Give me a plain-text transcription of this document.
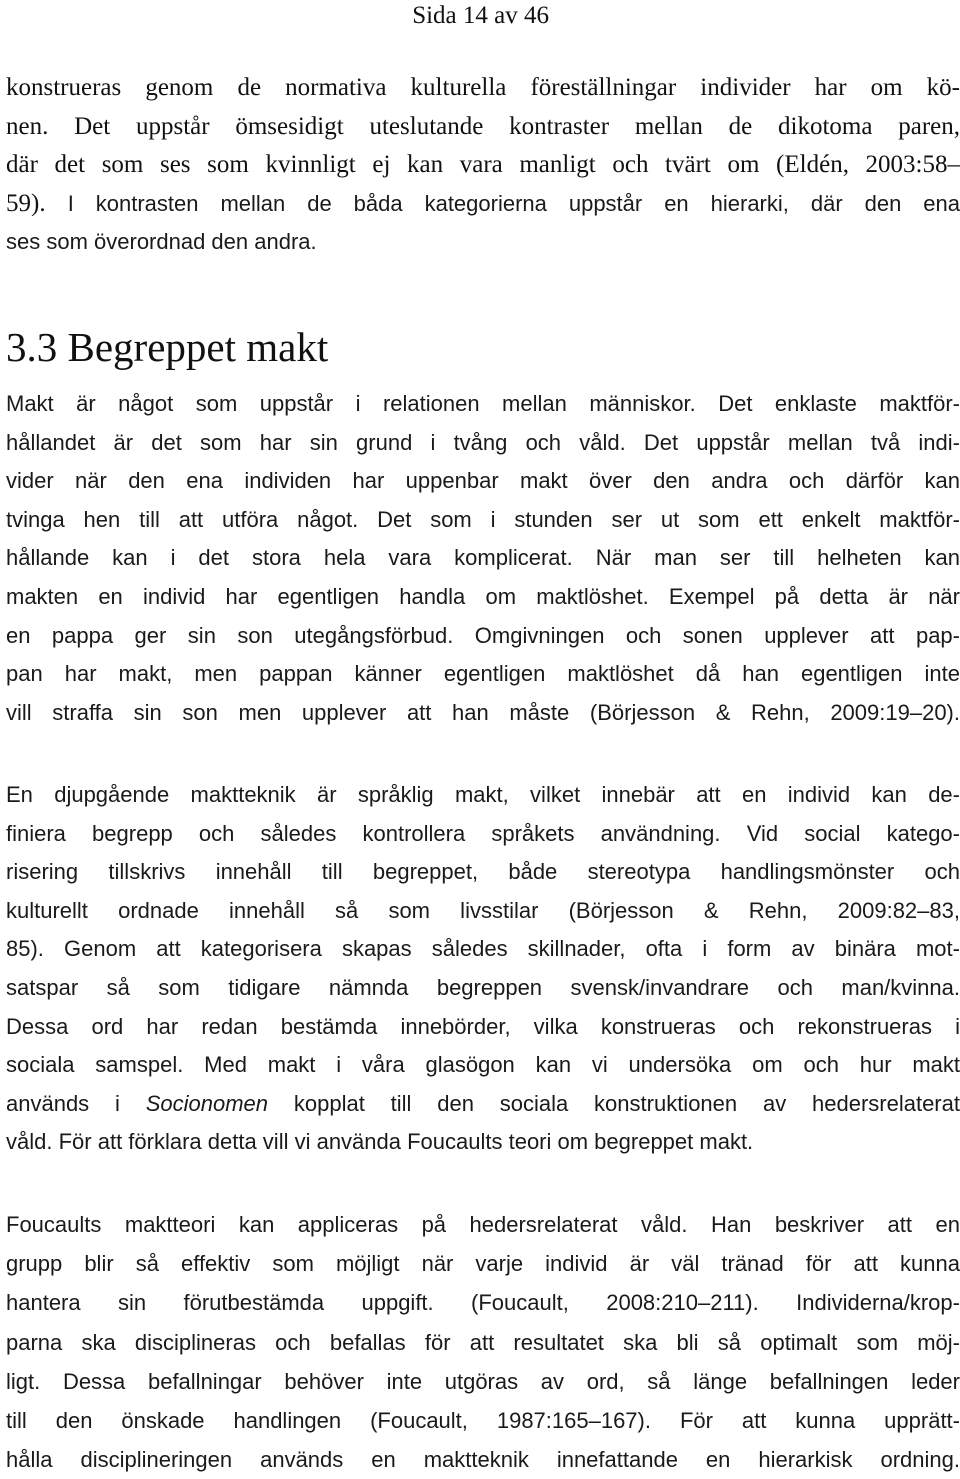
Sida 14 av 46

konstrueras genom de normativa kulturella föreställningar individer har om kö-
nen. Det uppstår ömsesidigt uteslutande kontraster mellan de dikotoma paren,
där det som ses som kvinnligt ej kan vara manligt och tvärt om (Eldén, 2003:58–
59). I kontrasten mellan de båda kategorierna uppstår en hierarki, där den ena
ses som överordnad den andra.

3.3 Begreppet makt

Makt är något som uppstår i relationen mellan människor. Det enklaste maktför-
hållandet är det som har sin grund i tvång och våld. Det uppstår mellan två indi-
vider när den ena individen har uppenbar makt över den andra och därför kan
tvinga hen till att utföra något. Det som i stunden ser ut som ett enkelt maktför-
hållande kan i det stora hela vara komplicerat. När man ser till helheten kan
makten en individ har egentligen handla om maktlöshet. Exempel på detta är när
en pappa ger sin son utegångsförbud. Omgivningen och sonen upplever att pap-
pan har makt, men pappan känner egentligen maktlöshet då han egentligen inte
vill straffa sin son men upplever att han måste (Börjesson & Rehn, 2009:19–20).

En djupgående maktteknik är språklig makt, vilket innebär att en individ kan de-
finiera begrepp och således kontrollera språkets användning. Vid social katego-
risering tillskrivs innehåll till begreppet, både stereotypa handlingsmönster och
kulturellt ordnade innehåll så som livsstilar (Börjesson & Rehn, 2009:82–83,
85). Genom att kategorisera skapas således skillnader, ofta i form av binära mot-
satspar så som tidigare nämnda begreppen svensk/invandrare och man/kvinna.
Dessa ord har redan bestämda innebörder, vilka konstrueras och rekonstrueras i
sociala samspel. Med makt i våra glasögon kan vi undersöka om och hur makt
används i Socionomen kopplat till den sociala konstruktionen av hedersrelaterat
våld. För att förklara detta vill vi använda Foucaults teori om begreppet makt.

Foucaults maktteori kan appliceras på hedersrelaterat våld. Han beskriver att en
grupp blir så effektiv som möjligt när varje individ är väl tränad för att kunna
hantera sin förutbestämda uppgift. (Foucault, 2008:210–211). Individerna/krop-
parna ska disciplineras och befallas för att resultatet ska bli så optimalt som möj-
ligt. Dessa befallningar behöver inte utgöras av ord, så länge befallningen leder
till den önskade handlingen (Foucault, 1987:165–167). För att kunna upprätt-
hålla disciplineringen används en maktteknik innefattande en hierarkisk ordning.
